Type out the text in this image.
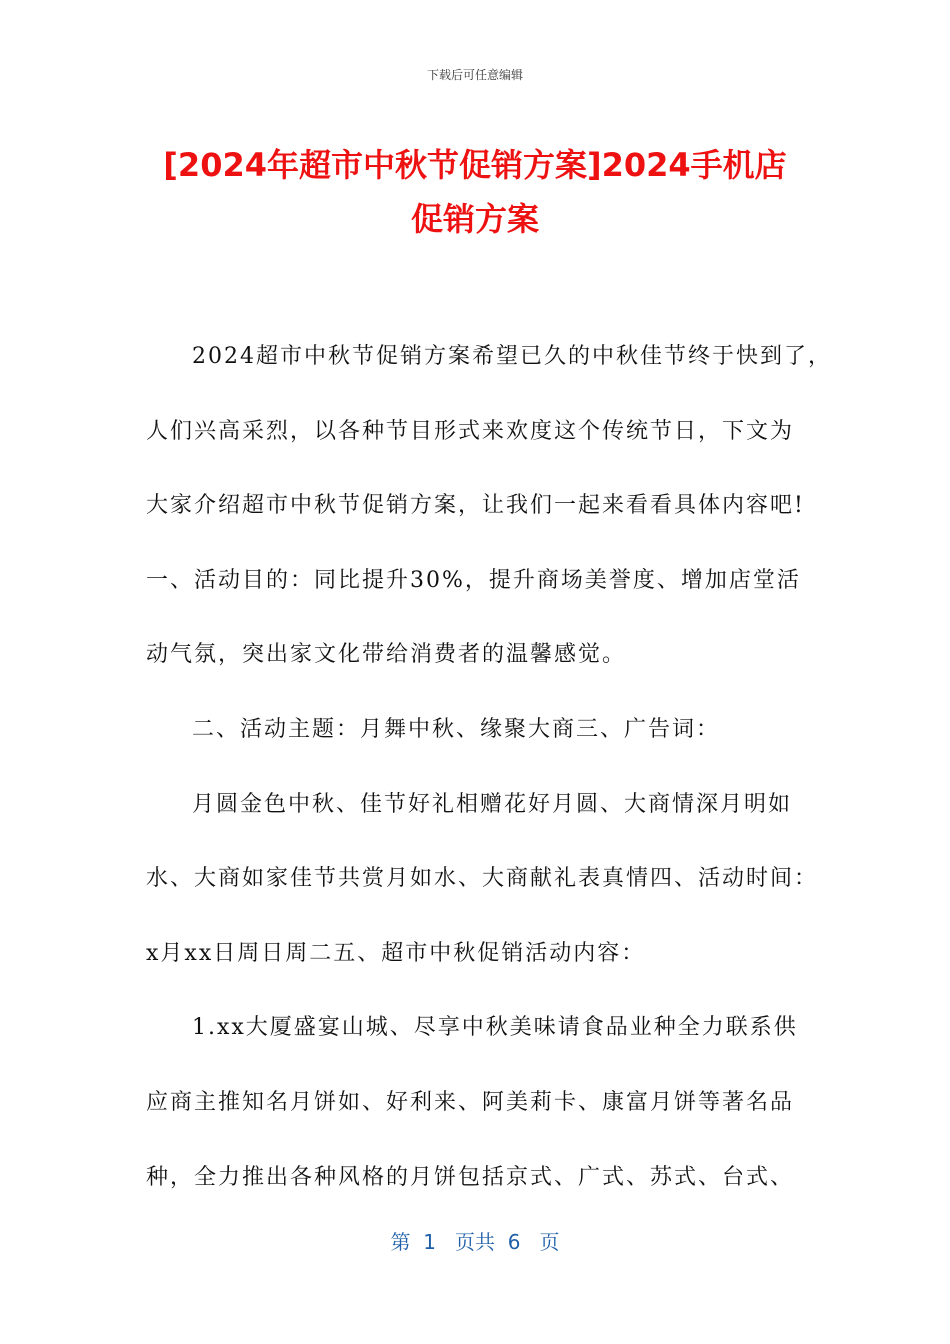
下载后可任意编辑
[2024年超市中秋节促销方案]2024手机店
促销方案
2024超市中秋节促销方案希望已久的中秋佳节终于快到了，
人们兴高采烈，以各种节目形式来欢度这个传统节日，下文为
大家介绍超市中秋节促销方案，让我们一起来看看具体内容吧!
一、活动目的：同比提升30%，提升商场美誉度、增加店堂活
动气氛，突出家文化带给消费者的温馨感觉。
二、活动主题：月舞中秋、缘聚大商三、广告词：
月圆金色中秋、佳节好礼相赠花好月圆、大商情深月明如
水、大商如家佳节共赏月如水、大商献礼表真情四、活动时间：
x月xx日周日周二五、超市中秋促销活动内容：
1.xx大厦盛宴山城、尽享中秋美味请食品业种全力联系供
应商主推知名月饼如、好利来、阿美莉卡、康富月饼等著名品
种，全力推出各种风格的月饼包括京式、广式、苏式、台式、
第  1   页共  6   页
